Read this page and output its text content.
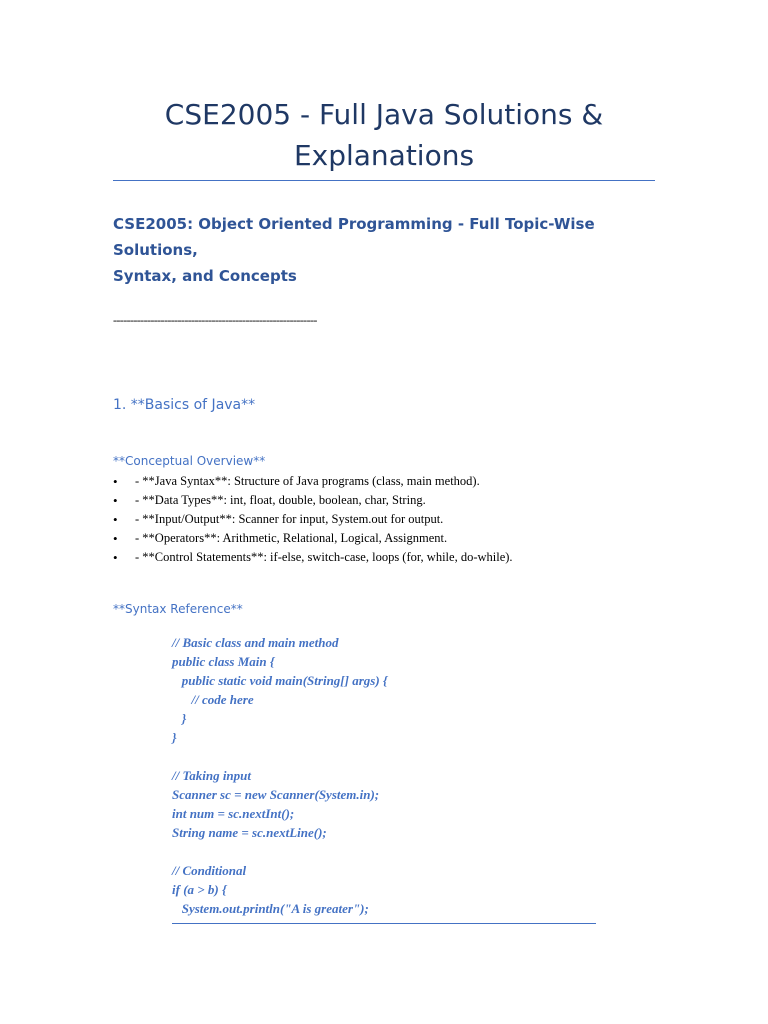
CSE2005 - Full Java Solutions &
Explanations
CSE2005: Object Oriented Programming - Full Topic-Wise Solutions,
Syntax, and Concepts
------------------------------------------------------------
1. **Basics of Java**
**Conceptual Overview**
• - **Java Syntax**: Structure of Java programs (class, main method).
• - **Data Types**: int, float, double, boolean, char, String.
• - **Input/Output**: Scanner for input, System.out for output.
• - **Operators**: Arithmetic, Relational, Logical, Assignment.
• - **Control Statements**: if-else, switch-case, loops (for, while, do-while).
**Syntax Reference**
// Basic class and main method
public class Main {
public static void main(String[] args) {
// code here
}
}
// Taking input
Scanner sc = new Scanner(System.in);
int num = sc.nextInt();
String name = sc.nextLine();
// Conditional
if (a > b) {
System.out.println("A is greater");
